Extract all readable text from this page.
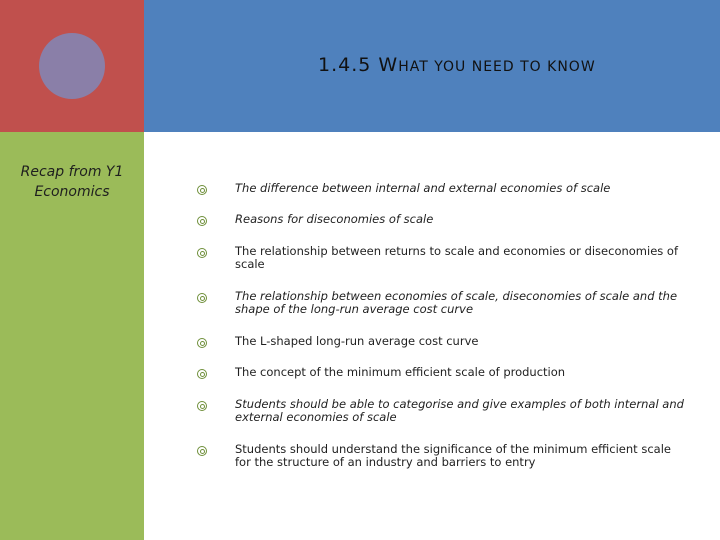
1.4.5 WHAT YOU NEED TO KNOW
Recap from Y1 Economics	The difference between internal and external economies of scale
Reasons for diseconomies of scale
The relationship between returns to scale and economies or diseconomies of scale
The relationship between economies of scale, diseconomies of scale and the shape of the long-run average cost curve
The L-shaped long-run average cost curve
The concept of the minimum efficient scale of production
Students should be able to categorise and give examples of both internal and external economies of scale
Students should understand the significance of the minimum efficient scale for the structure of an industry and barriers to entry
